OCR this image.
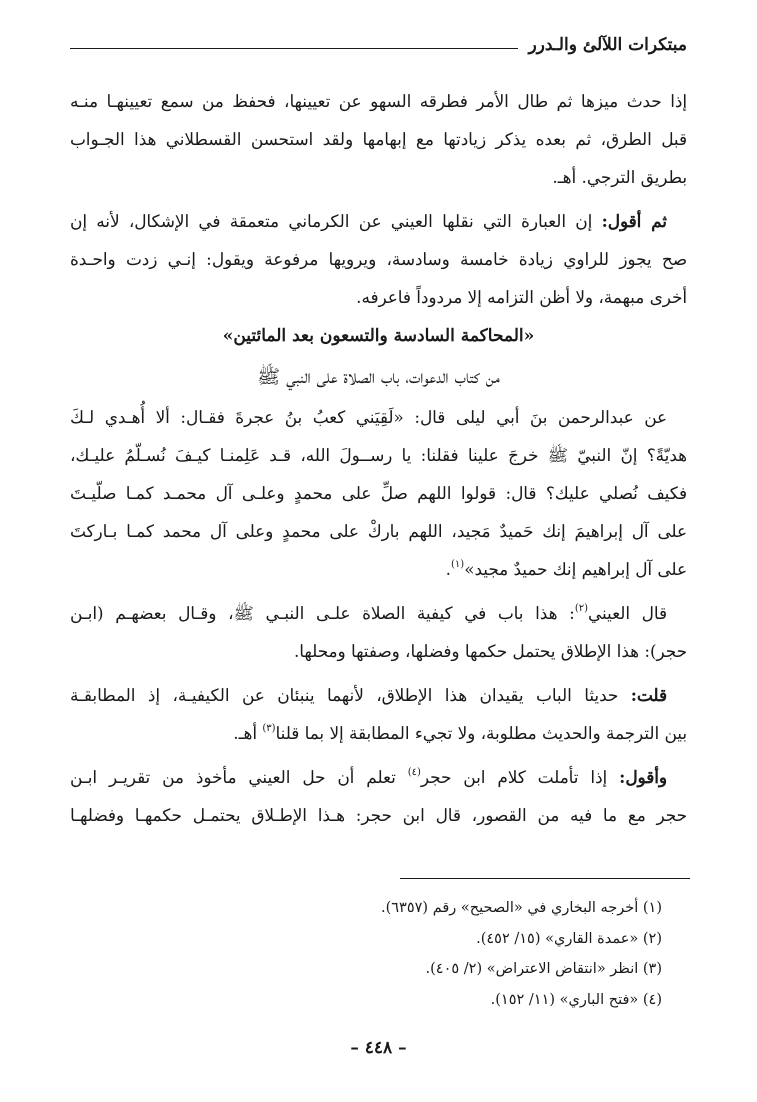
مبتكرات اللآلئ والـدرر
إذا حدث ميزها ثم طال الأمر فطرقه السهو عن تعيينها، فحفظ من سمع تعيينهـا منـه
قبل الطرق، ثم بعده يذكر زيادتها مع إبهامها ولقد استحسن القسطلاني هذا الجـواب
بطريق الترجي. أهـ.
ثم أقول: إن العبارة التي نقلها العيني عن الكرماني متعمقة في الإشكال، لأنه إن
صح يجوز للراوي زيادة خامسة وسادسة، ويرويها مرفوعة ويقول: إنـي زدت واحـدة
أخرى مبهمة، ولا أظن التزامه إلا مردوداً فاعرفه.
«المحاكمة السادسة والتسعون بعد المائتين»
من كتاب الدعوات، باب الصلاة على النبي ﷺ
عن عبدالرحمن بنَ أبي ليلى قال: «لَقِيَني كعبُ بنُ عجرةَ فقـال: ألا أُهـدي لـكَ
هديّةً؟ إنّ النبيّ ﷺ خرجَ علينا فقلنا: يا رســولَ الله، قـد عَلِمنـا كيـفَ نُسـلّمُ عليـك،
فكيف نُصلي عليك؟ قال: قولوا اللهم صلِّ على محمدٍ وعلـى آل محمـد كمـا صلّيـتَ
على آل إبراهيمَ إنك حَميدٌ مَجيد، اللهم باركْ على محمدٍ وعلى آل محمد كمـا بـاركتَ
على آل إبراهيم إنك حميدٌ مجيد»$^{(١)}$.
قال العيني$^{(٢)}$: هذا باب في كيفية الصلاة علـى النبـي ﷺ، وقـال بعضهـم (ابـن
حجر): هذا الإطلاق يحتمل حكمها وفضلها، وصفتها ومحلها.
قلت: حديثا الباب يقيدان هذا الإطلاق، لأنهما ينبئان عن الكيفيـة، إذ المطابقـة
بين الترجمة والحديث مطلوبة، ولا تجيء المطابقة إلا بما قلنا$^{(٣)}$ أهـ.
وأقول: إذا تأملت كلام ابن حجر$^{(٤)}$ تعلم أن حل العيني مأخوذ من تقريـر ابـن
حجر مع ما فيه من القصور، قال ابن حجر: هـذا الإطـلاق يحتمـل حكمهـا وفضلهـا
(١) أخرجه البخاري في «الصحيح» رقم (٦٣٥٧).
(٢) «عمدة القاري» (١٥/ ٤٥٢).
(٣) انظر «انتقاض الاعتراض» (٢/ ٤٠٥).
(٤) «فتح الباري» (١١/ ١٥٢).
– ٤٤٨ –
